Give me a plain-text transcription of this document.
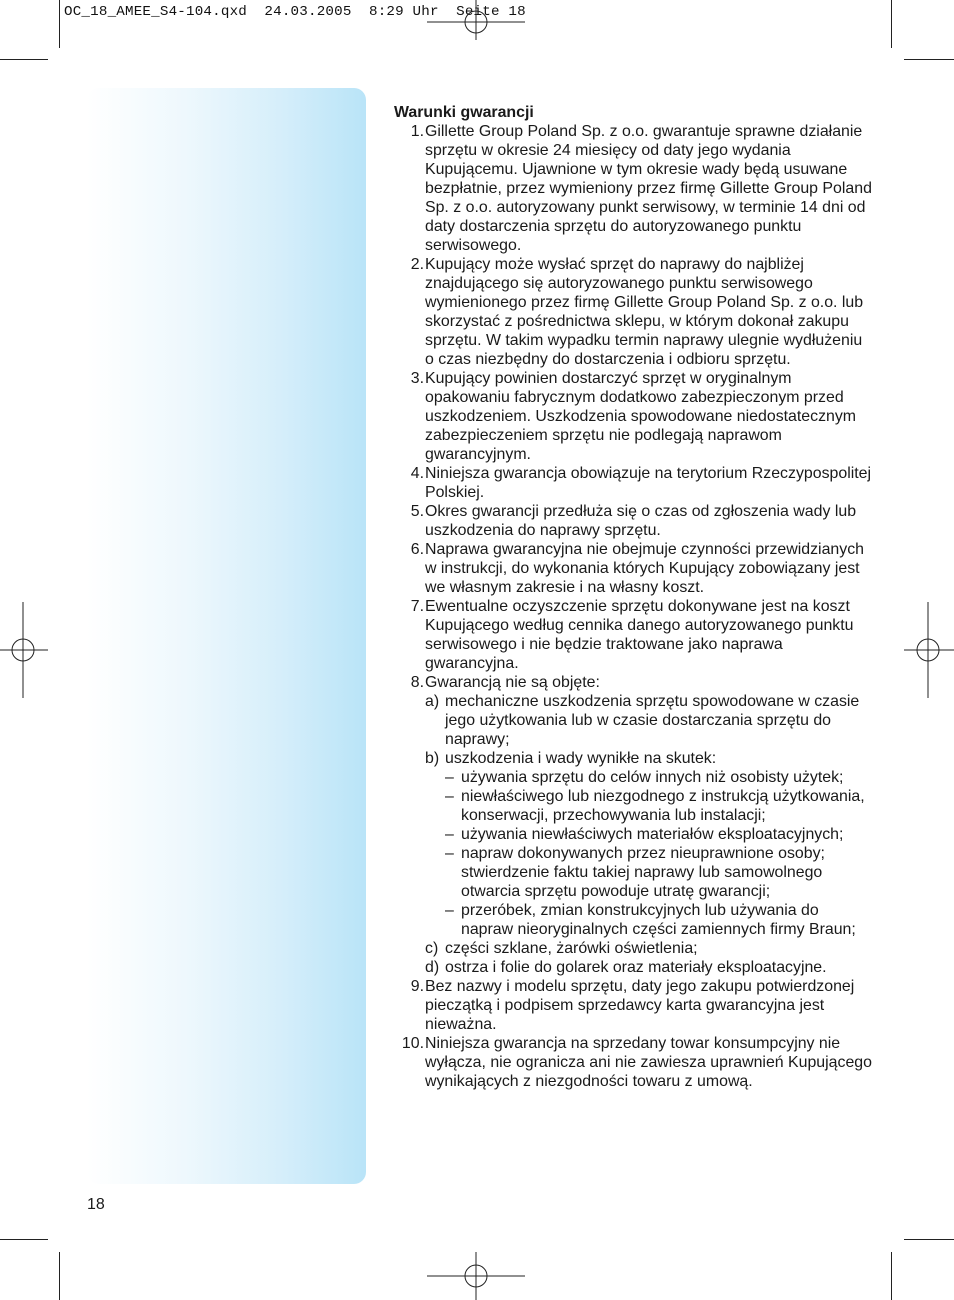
OC_18_AMEE_S4-104.qxd  24.03.2005  8:29 Uhr  Seite 18
Warunki gwarancji
1. Gillette Group Poland Sp. z o.o. gwarantuje sprawne działanie sprzętu w okresie 24 miesięcy od daty jego wydania Kupującemu. Ujawnione w tym okresie wady będą usuwane bezpłatnie, przez wymieniony przez firmę Gillette Group Poland Sp. z o.o. autoryzowany punkt serwisowy, w terminie 14 dni od daty dostarczenia sprzętu do autoryzowanego punktu serwisowego.
2. Kupujący może wysłać sprzęt do naprawy do najbliżej znajdującego się autoryzowanego punktu serwisowego wymienionego przez firmę Gillette Group Poland Sp. z o.o. lub skorzystać z pośrednictwa sklepu, w którym dokonał zakupu sprzętu. W takim wypadku termin naprawy ulegnie wydłużeniu o czas niezbędny do dostarczenia i odbioru sprzętu.
3. Kupujący powinien dostarczyć sprzęt w oryginalnym opakowaniu fabrycznym dodatkowo zabezpieczonym przed uszkodzeniem. Uszkodzenia spowodowane niedostatecznym zabezpieczeniem sprzętu nie podlegają naprawom gwarancyjnym.
4. Niniejsza gwarancja obowiązuje na terytorium Rzeczypospolitej Polskiej.
5. Okres gwarancji przedłuża się o czas od zgłoszenia wady lub uszkodzenia do naprawy sprzętu.
6. Naprawa gwarancyjna nie obejmuje czynności przewidzianych w instrukcji, do wykonania których Kupujący zobowiązany jest we własnym zakresie i na własny koszt.
7. Ewentualne oczyszczenie sprzętu dokonywane jest na koszt Kupującego według cennika danego autoryzowanego punktu serwisowego i nie będzie traktowane jako naprawa gwarancyjna.
8. Gwarancją nie są objęte:
a) mechaniczne uszkodzenia sprzętu spowodowane w czasie jego użytkowania lub w czasie dostarczania sprzętu do naprawy;
b) uszkodzenia i wady wynikłe na skutek:
– używania sprzętu do celów innych niż osobisty użytek;
– niewłaściwego lub niezgodnego z instrukcją użytkowania, konserwacji, przechowywania lub instalacji;
– używania niewłaściwych materiałów eksploatacyjnych;
– napraw dokonywanych przez nieuprawnione osoby; stwierdzenie faktu takiej naprawy lub samowolnego otwarcia sprzętu powoduje utratę gwarancji;
– przeróbek, zmian konstrukcyjnych lub używania do napraw nieoryginalnych części zamiennych firmy Braun;
c) części szklane, żarówki oświetlenia;
d) ostrza i folie do golarek oraz materiały eksploatacyjne.
9. Bez nazwy i modelu sprzętu, daty jego zakupu potwierdzonej pieczątką i podpisem sprzedawcy karta gwarancyjna jest nieważna.
10. Niniejsza gwarancja na sprzedany towar konsumpcyjny nie wyłącza, nie ogranicza ani nie zawiesza uprawnień Kupującego wynikających z niezgodności towaru z umową.
18
